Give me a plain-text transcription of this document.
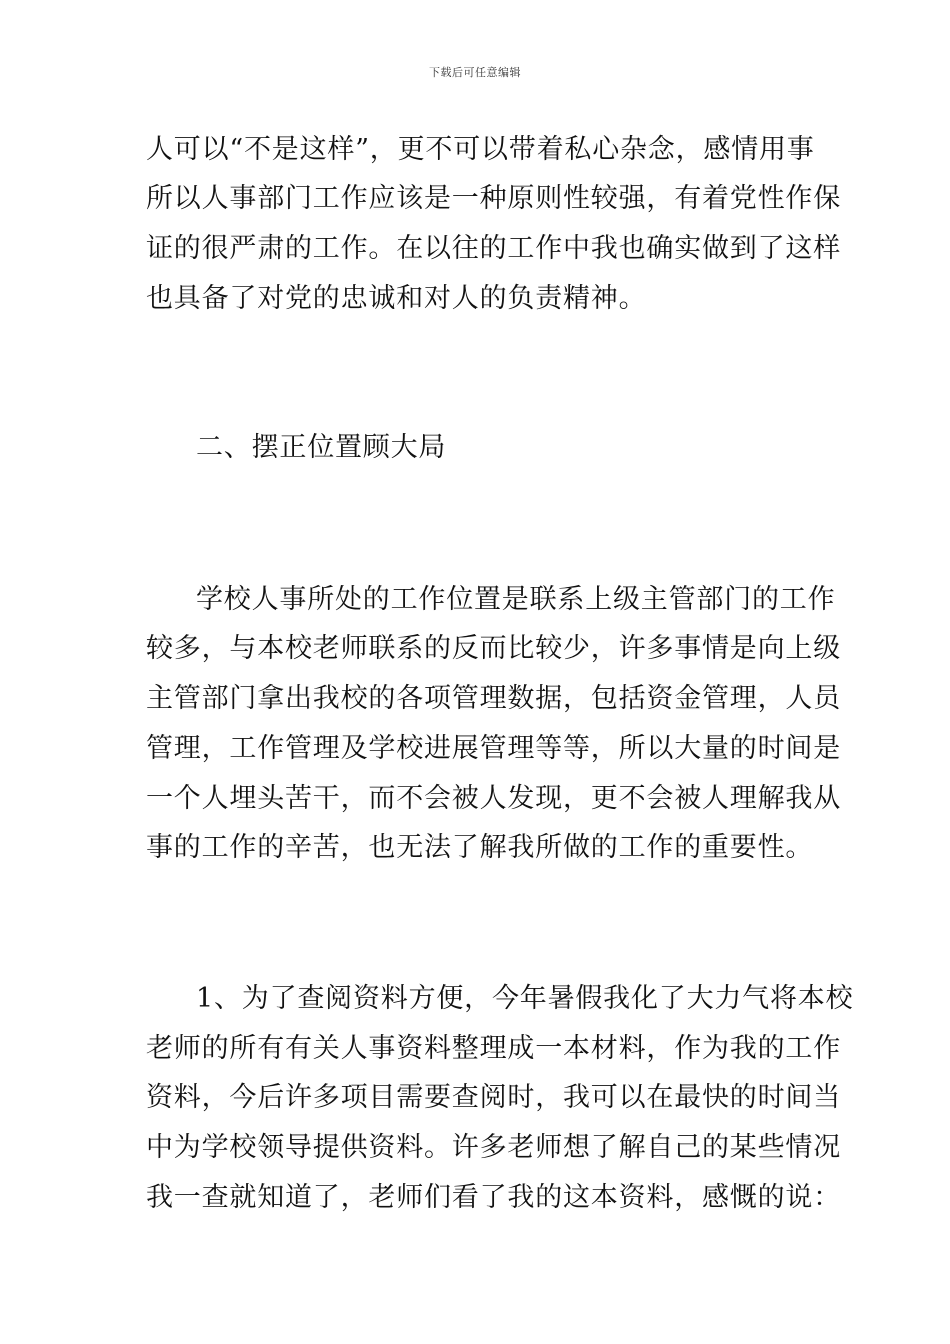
下载后可任意编辑
人可以“不是这样”，更不可以带着私心杂念，感情用事
所以人事部门工作应该是一种原则性较强，有着党性作保
证的很严肃的工作。在以往的工作中我也确实做到了这样
也具备了对党的忠诚和对人的负责精神。
二、摆正位置顾大局
学校人事所处的工作位置是联系上级主管部门的工作
较多，与本校老师联系的反而比较少，许多事情是向上级
主管部门拿出我校的各项管理数据，包括资金管理，人员
管理，工作管理及学校进展管理等等，所以大量的时间是
一个人埋头苦干，而不会被人发现，更不会被人理解我从
事的工作的辛苦，也无法了解我所做的工作的重要性。
1、为了查阅资料方便，今年暑假我化了大力气将本校
老师的所有有关人事资料整理成一本材料，作为我的工作
资料，今后许多项目需要查阅时，我可以在最快的时间当
中为学校领导提供资料。许多老师想了解自己的某些情况
我一查就知道了，老师们看了我的这本资料，感慨的说：
